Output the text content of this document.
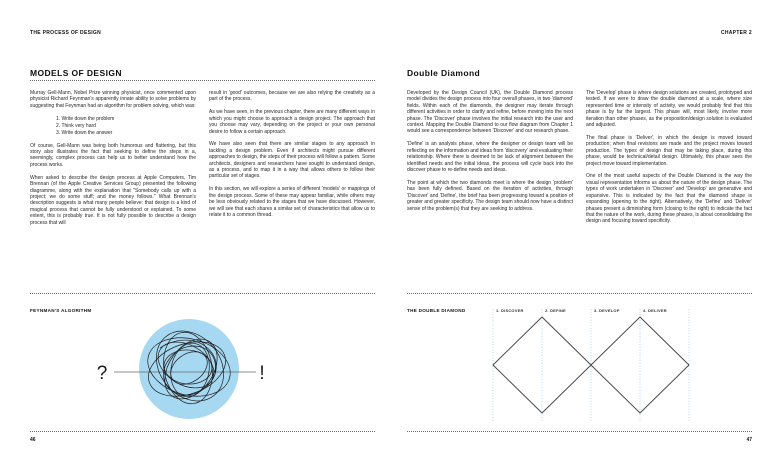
THE PROCESS OF DESIGN
MODELS OF DESIGN

Murray Gell-Mann, Nobel Prize winning physicist, once commented upon physicist Richard Feynman's apparently innate ability to solve problems by suggesting that Feynman had an algorithm for problem solving, which was:

1. Write down the problem
2. Think very hard
3. Write down the answer

Of course, Gell-Mann was being both humorous and flattering, but this story also illustrates the fact that seeking to define the steps in a, seemingly, complex process can help us to better understand how the process works.

When asked to describe the design process at Apple Computers, Tim Brennan (of the Apple Creative Services Group) presented the following diagramme, along with the explanation that "Somebody calls up with a project; we do some stuff; and the money follows." What Brennan's description suggests is what many people believe: that design is a kind of magical process that cannot be fully understood or explained. To some extent, this is probably true. It is not fully possible to describe a design process that will

result in 'good' outcomes, because we are also relying the creativity as a part of the process.

As we have seen, in the previous chapter, there are many different ways in which you might choose to approach a design project. The approach that you choose may vary, depending on the project or your own personal desire to follow a certain approach.

We have also seen that there are similar stages to any approach in tackling a design problem. Even if architects might pursue different approaches to design, the steps of their process will follow a pattern. Some architects, designers and researchers have sought to understand design, as a process, and to map it in a way that allows others to follow their particular set of stages.

In this section, we will explore a series of different 'models' or mappings of the design process. Some of these may appear familiar, while others may be less obviously related to the stages that we have discussed. However, we will see that each shares a similar set of characteristics that allow us to relate it to a common thread.

FEYNMAN'S ALGORITHM
?	!
46
CHAPTER 2
Double Diamond

Developed by the Design Council (UK), the Double Diamond process model divides the design process into four overall phases, in two 'diamond' fields. Within each of the diamonds, the designer may iterate through different activities in order to clarify and refine, before moving into the next phase. The 'Discover' phase involves the initial research into the user and context. Mapping the Double Diamond to our flow diagram from Chapter 1 would see a correspondence between 'Discover' and our research phase.

'Define' is an analysis phase, where the designer or design team will be reflecting on the information and ideas from 'discovery' and evaluating their relationship. Where there is deemed to be lack of alignment between the identified needs and the initial ideas, the process will cycle back into the discover phase to re-define needs and ideas.

The point at which the two diamonds meet is where the design 'problem' has been fully defined. Based on the iteration of activities, through 'Discover' and 'Define', the brief has been progressing toward a position of greater and greater specificity. The design team should now have a distinct sense of the problem(s) that they are seeking to address.

The 'Develop' phase is where design solutions are created, prototyped and tested. If we were to draw the double diamond at a scale, where size represented time or intensity of activity, we would probably find that this phase is by far the largest. This phase will, most likely, involve more iteration than other phases, as the proposition/design solution is evaluated and adjusted.

The final phase is 'Deliver', in which the design is moved toward production; when final revisions are made and the project moves toward production. The types of design that may be taking place, during this phase, would be technical/detail design. Ultimately, this phase sees the project move toward implementation.

One of the most useful aspects of the Double Diamond is the way the visual representation informs us about the nature of the design phase. The types of work undertaken in 'Discover' and 'Develop' are generative and expansive. This is indicated by the fact that the diamond shape is expanding (opening to the right). Alternatively, the 'Define' and 'Deliver' phases present a diminishing form (closing to the right) to indicate the fact that the nature of the work, during these phases, is about consolidating the design and focusing toward specificity.

THE DOUBLE DIAMOND	1. DISCOVER	2. DEFINE	3. DEVELOP	4. DELIVER
47
